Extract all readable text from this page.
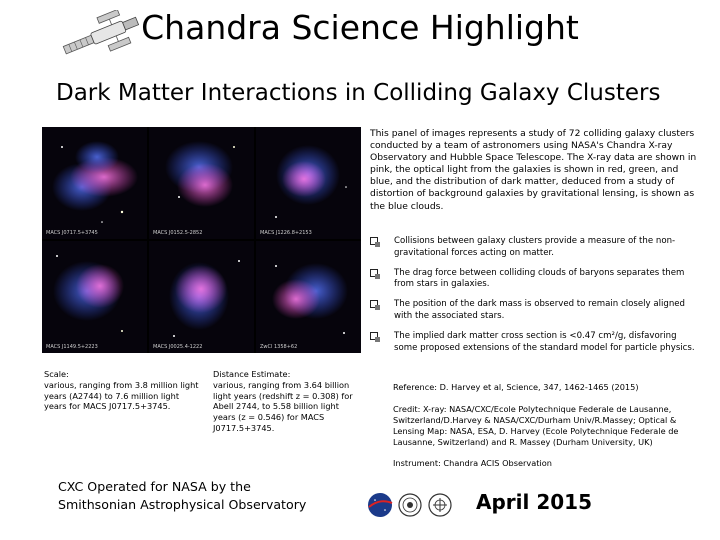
Chandra Science Highlight
Dark Matter Interactions in Colliding Galaxy Clusters
MACS J0717.5+3745	MACS J0152.5-2852	MACS J1226.8+2153
MACS J1149.5+2223	MACS J0025.4-1222	ZwCl 1358+62

This panel of images represents a study of 72 colliding galaxy clusters conducted by a team of astronomers using NASA's Chandra X-ray Observatory and Hubble Space Telescope. The X-ray data are shown in pink, the optical light from the galaxies is shown in red, green, and blue, and the distribution of dark matter, deduced from a study of distortion of background galaxies by gravitational lensing, is shown as the blue clouds.

Collisions between galaxy clusters provide a measure of the non-gravitational forces acting on matter.
The drag force between colliding clouds of baryons separates them from stars in galaxies.
The position of the dark mass is observed to remain closely aligned with the associated stars.
The implied dark matter cross section is <0.47 cm²/g, disfavoring some proposed extensions of the standard model for particle physics.

Reference: D. Harvey et al, Science, 347, 1462-1465 (2015)

Credit: X-ray: NASA/CXC/Ecole Polytechnique Federale de Lausanne, Switzerland/D.Harvey & NASA/CXC/Durham Univ/R.Massey; Optical & Lensing Map: NASA, ESA, D. Harvey (Ecole Polytechnique Federale de Lausanne, Switzerland) and R. Massey (Durham University, UK)

Instrument: Chandra ACIS Observation

Scale:
various, ranging from 3.8 million light years (A2744) to 7.6 million light years for MACS J0717.5+3745.
Distance Estimate:
various, ranging from 3.64 billion light years (redshift z = 0.308) for Abell 2744, to 5.58 billion light years (z = 0.546) for MACS J0717.5+3745.
CXC Operated for NASA by the
Smithsonian Astrophysical Observatory	April 2015
